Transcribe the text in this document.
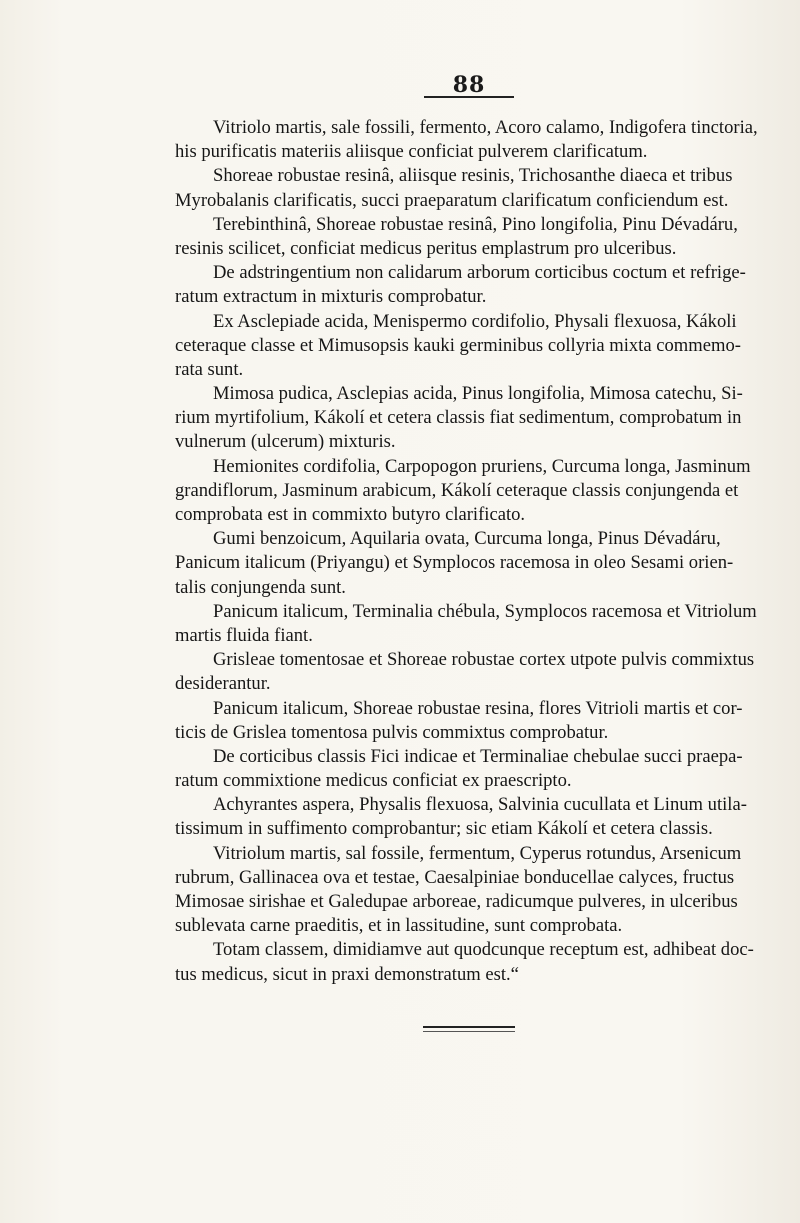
88
Vitriolo martis, sale fossili, fermento, Acoro calamo, Indigofera tinctoria,
his purificatis materiis aliisque conficiat pulverem clarificatum.
Shoreae robustae resinâ, aliisque resinis, Trichosanthe diaeca et tribus
Myrobalanis clarificatis, succi praeparatum clarificatum conficiendum est.
Terebinthinâ, Shoreae robustae resinâ, Pino longifolia, Pinu Dévadáru,
resinis scilicet, conficiat medicus peritus emplastrum pro ulceribus.
De adstringentium non calidarum arborum corticibus coctum et refrige-
ratum extractum in mixturis comprobatur.
Ex Asclepiade acida, Menispermo cordifolio, Physali flexuosa, Kákoli
ceteraque classe et Mimusopsis kauki germinibus collyria mixta commemo-
rata sunt.
Mimosa pudica, Asclepias acida, Pinus longifolia, Mimosa catechu, Si-
rium myrtifolium, Kákolí et cetera classis fiat sedimentum, comprobatum in
vulnerum (ulcerum) mixturis.
Hemionites cordifolia, Carpopogon pruriens, Curcuma longa, Jasminum
grandiflorum, Jasminum arabicum, Kákolí ceteraque classis conjungenda et
comprobata est in commixto butyro clarificato.
Gumi benzoicum, Aquilaria ovata, Curcuma longa, Pinus Dévadáru,
Panicum italicum (Priyangu) et Symplocos racemosa in oleo Sesami orien-
talis conjungenda sunt.
Panicum italicum, Terminalia chébula, Symplocos racemosa et Vitriolum
martis fluida fiant.
Grisleae tomentosae et Shoreae robustae cortex utpote pulvis commixtus
desiderantur.
Panicum italicum, Shoreae robustae resina, flores Vitrioli martis et cor-
ticis de Grislea tomentosa pulvis commixtus comprobatur.
De corticibus classis Fici indicae et Terminaliae chebulae succi praepa-
ratum commixtione medicus conficiat ex praescripto.
Achyrantes aspera, Physalis flexuosa, Salvinia cucullata et Linum utila-
tissimum in suffimento comprobantur; sic etiam Kákolí et cetera classis.
Vitriolum martis, sal fossile, fermentum, Cyperus rotundus, Arsenicum
rubrum, Gallinacea ova et testae, Caesalpiniae bonducellae calyces, fructus
Mimosae sirishae et Galedupae arboreae, radicumque pulveres, in ulceribus
sublevata carne praeditis, et in lassitudine, sunt comprobata.
Totam classem, dimidiamve aut quodcunque receptum est, adhibeat doc-
tus medicus, sicut in praxi demonstratum est.“
